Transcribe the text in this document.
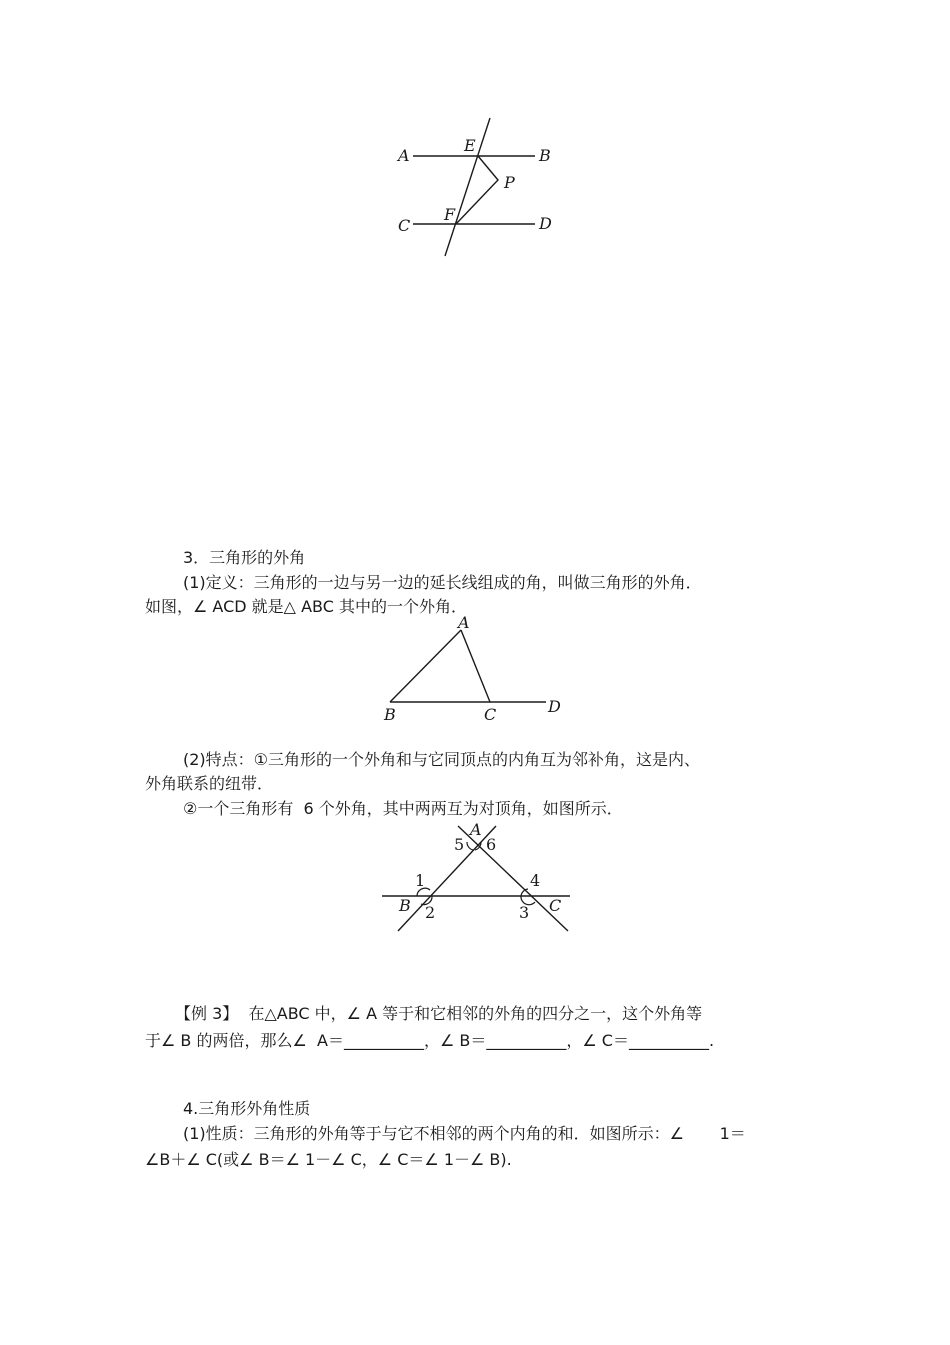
A
E
B
P
F
C	D
3．三角形的外角
(1)定义：三角形的一边与另一边的延长线组成的角，叫做三角形的外角．
如图，∠ ACD 就是△ ABC 其中的一个外角．
A
B	C	D
(2)特点：①三角形的一个外角和与它同顶点的内角互为邻补角，这是内、
外角联系的纽带．
②一个三角形有  6 个外角，其中两两互为对顶角，如图所示．
A
5 6
1	4
B 2	3 C
【例 3】  在△ABC 中，∠ A 等于和它相邻的外角的四分之一，这个外角等
于∠ B 的两倍，那么∠  A＝__________，∠ B＝__________，∠ C＝__________.
4.三角形外角性质
(1)性质：三角形的外角等于与它不相邻的两个内角的和．如图所示：∠       1＝
∠B＋∠ C(或∠ B＝∠ 1－∠ C，∠ C＝∠ 1－∠ B).
